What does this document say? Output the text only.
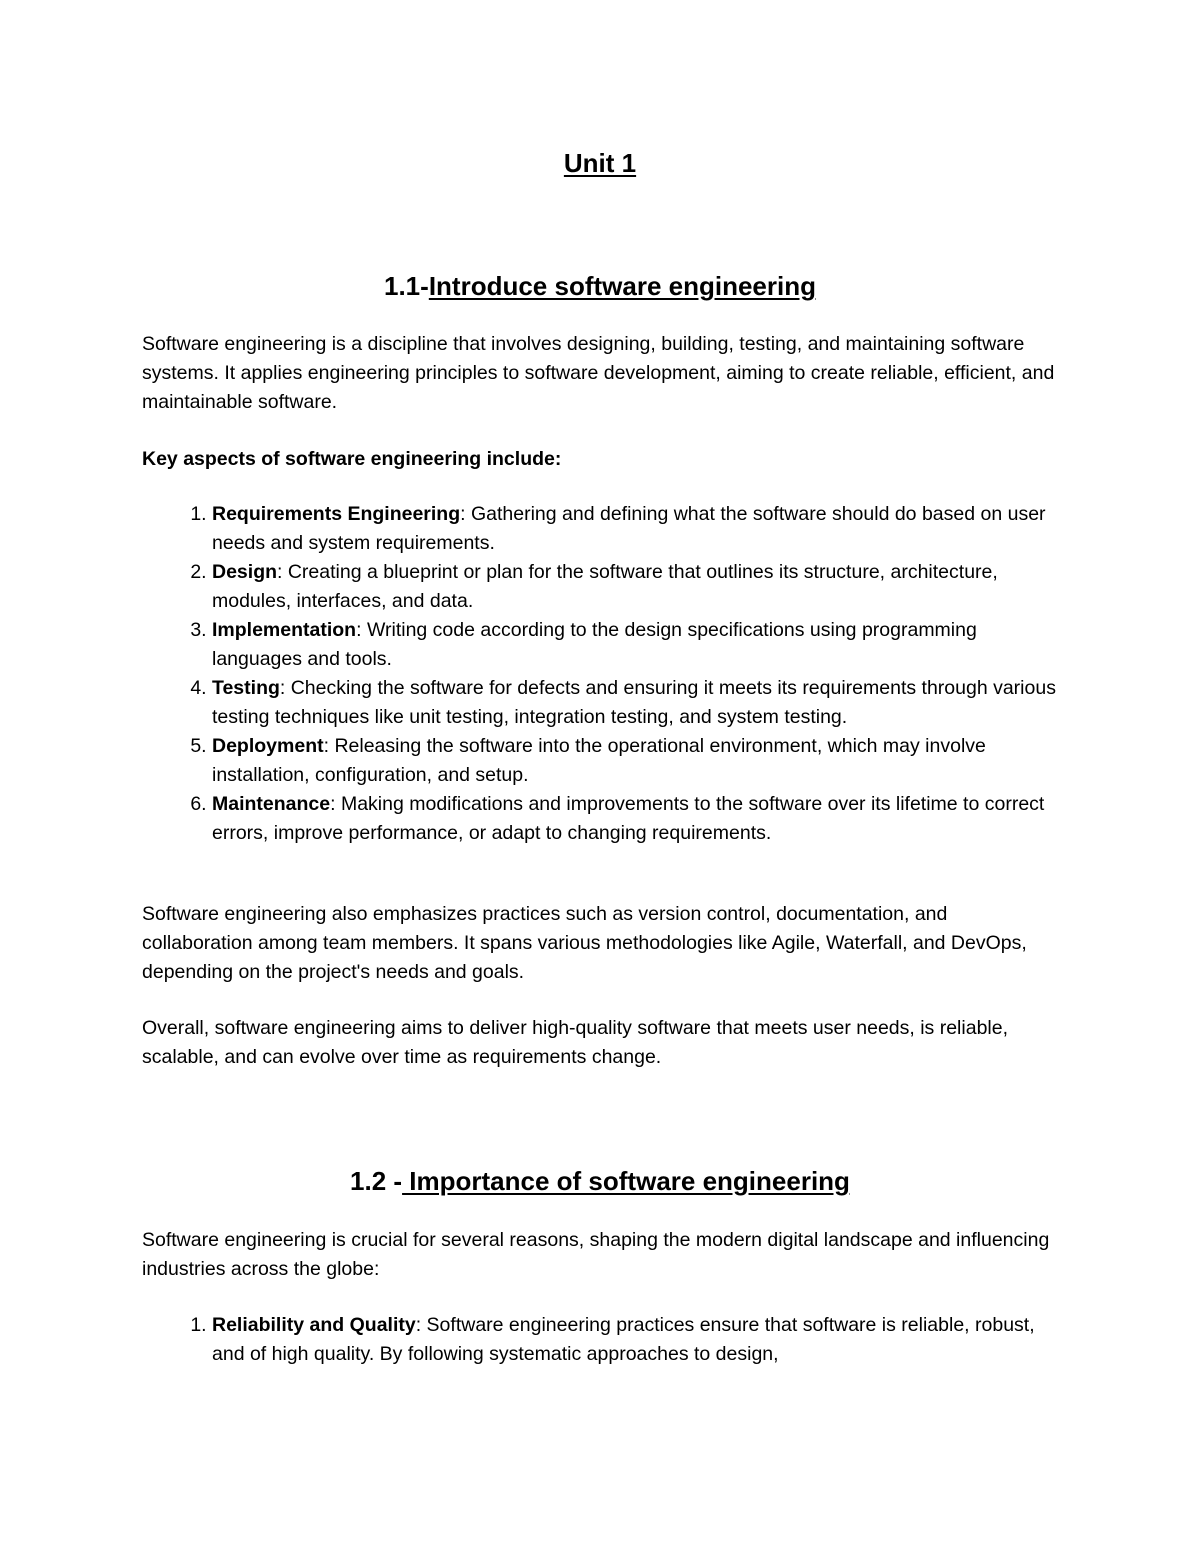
Unit 1
1.1-Introduce software engineering
Software engineering is a discipline that involves designing, building, testing, and maintaining software systems. It applies engineering principles to software development, aiming to create reliable, efficient, and maintainable software.
Key aspects of software engineering include:
1. Requirements Engineering: Gathering and defining what the software should do based on user needs and system requirements.
2. Design: Creating a blueprint or plan for the software that outlines its structure, architecture, modules, interfaces, and data.
3. Implementation: Writing code according to the design specifications using programming languages and tools.
4. Testing: Checking the software for defects and ensuring it meets its requirements through various testing techniques like unit testing, integration testing, and system testing.
5. Deployment: Releasing the software into the operational environment, which may involve installation, configuration, and setup.
6. Maintenance: Making modifications and improvements to the software over its lifetime to correct errors, improve performance, or adapt to changing requirements.
Software engineering also emphasizes practices such as version control, documentation, and collaboration among team members. It spans various methodologies like Agile, Waterfall, and DevOps, depending on the project's needs and goals.
Overall, software engineering aims to deliver high-quality software that meets user needs, is reliable, scalable, and can evolve over time as requirements change.
1.2 - Importance of software engineering
Software engineering is crucial for several reasons, shaping the modern digital landscape and influencing industries across the globe:
1. Reliability and Quality: Software engineering practices ensure that software is reliable, robust, and of high quality. By following systematic approaches to design,
